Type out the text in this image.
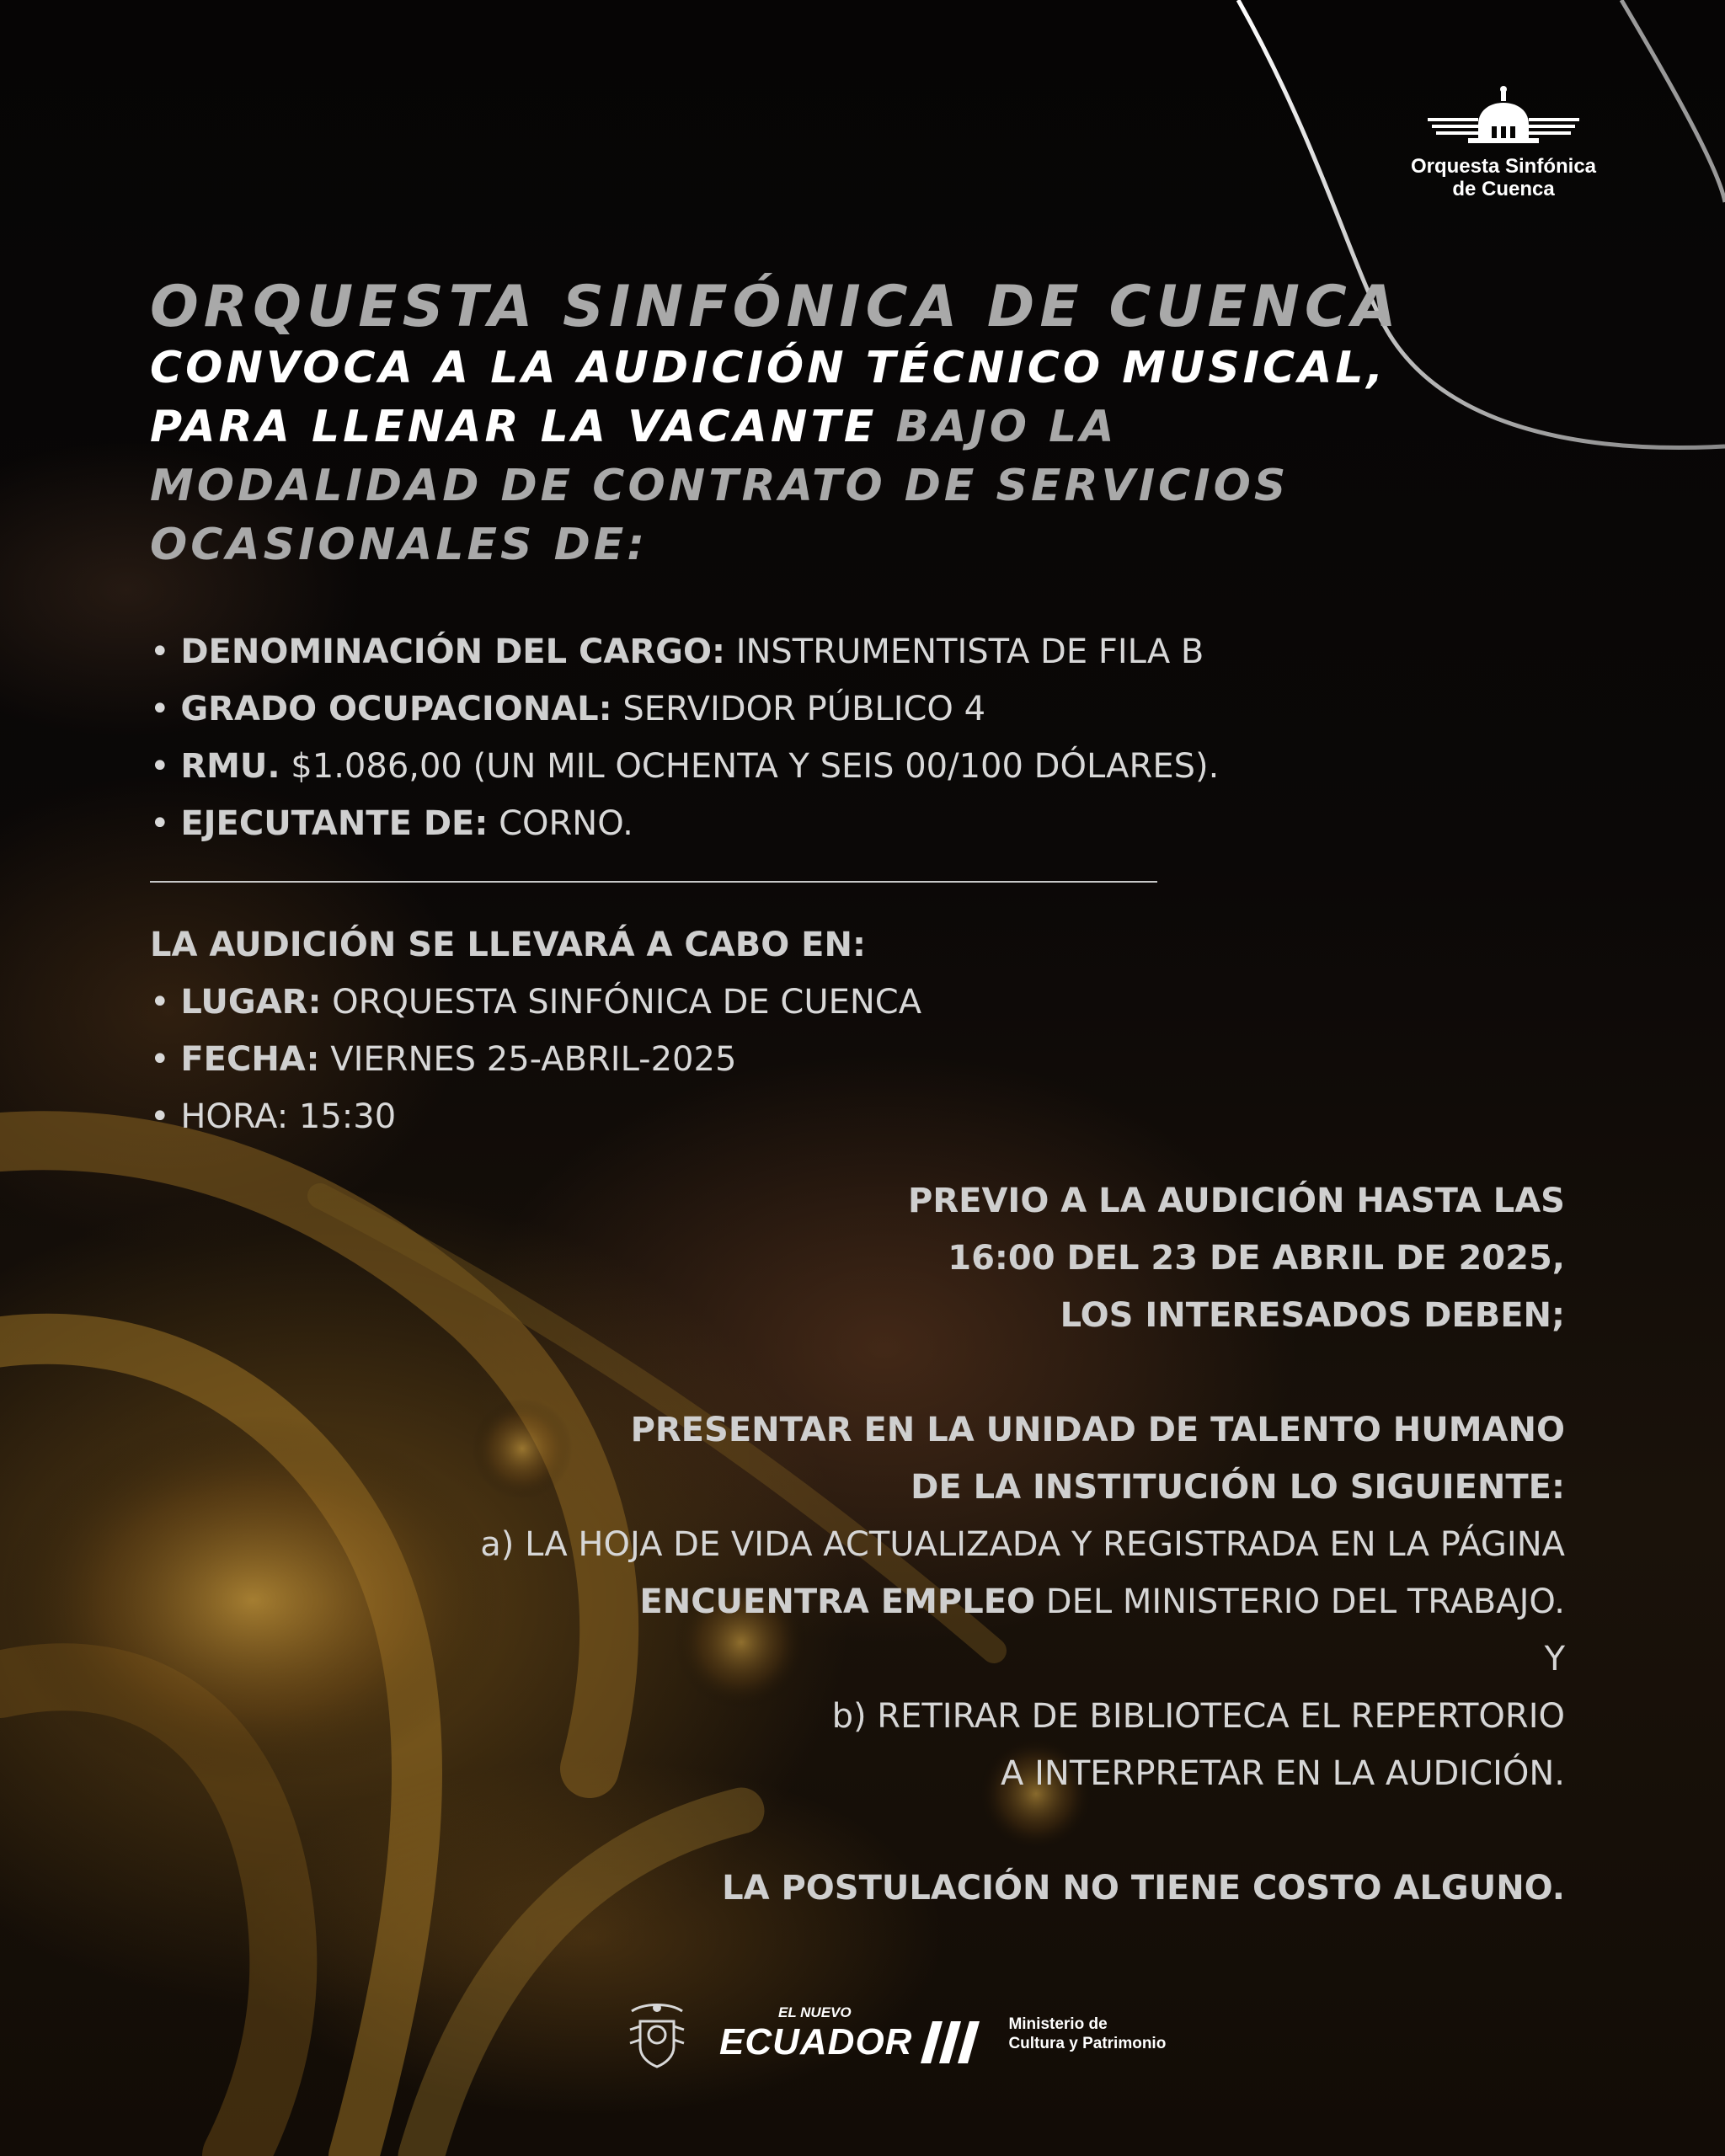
Orquesta Sinfónica
de Cuenca
ORQUESTA SINFÓNICA DE CUENCA
CONVOCA A LA AUDICIÓN TÉCNICO MUSICAL,
PARA LLENAR LA VACANTE BAJO LA
MODALIDAD DE CONTRATO DE SERVICIOS
OCASIONALES DE:
• DENOMINACIÓN DEL CARGO: INSTRUMENTISTA DE FILA B
• GRADO OCUPACIONAL: SERVIDOR PÚBLICO 4
• RMU. $1.086,00 (UN MIL OCHENTA Y SEIS 00/100 DÓLARES).
• EJECUTANTE DE: CORNO.
LA AUDICIÓN SE LLEVARÁ A CABO EN:
• LUGAR: ORQUESTA SINFÓNICA DE CUENCA
• FECHA: VIERNES 25-ABRIL-2025
• HORA: 15:30
PREVIO A LA AUDICIÓN HASTA LAS
16:00 DEL 23 DE ABRIL DE 2025,
LOS INTERESADOS DEBEN;
PRESENTAR EN LA UNIDAD DE TALENTO HUMANO
DE LA INSTITUCIÓN LO SIGUIENTE:
a) LA HOJA DE VIDA ACTUALIZADA Y REGISTRADA EN LA PÁGINA
ENCUENTRA EMPLEO DEL MINISTERIO DEL TRABAJO.
Y
b) RETIRAR DE BIBLIOTECA EL REPERTORIO
A INTERPRETAR EN LA AUDICIÓN.
LA POSTULACIÓN NO TIENE COSTO ALGUNO.
EL NUEVO
ECUADOR	Ministerio de
Cultura y Patrimonio
